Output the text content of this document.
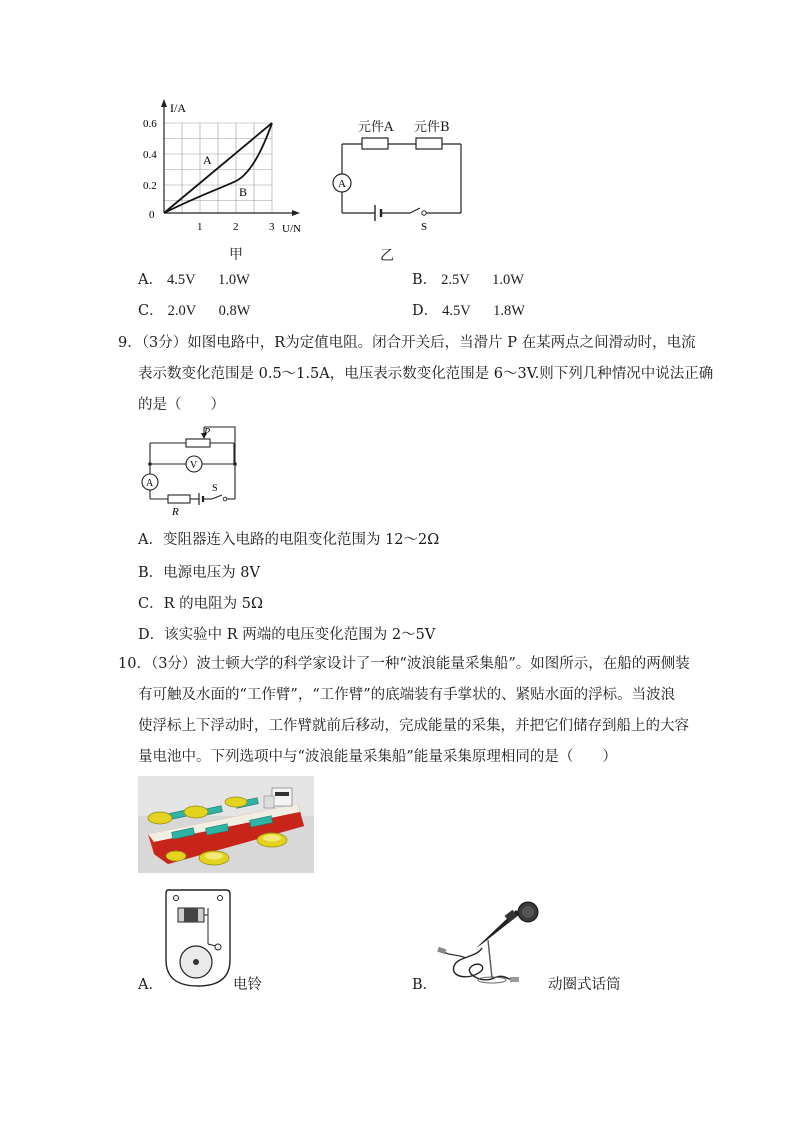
I/A
U/N
0.6
0.4
0.2
0
1	2	3
A
B
甲
A
S
元件A 元件B
乙
A． 4.5V 1.0W	B． 2.5V 1.0W
C． 2.0V 0.8W	D． 4.5V 1.8W
9．（3分）如图电路中，R为定值电阻。闭合开关后，当滑片 P 在某两点之间滑动时，电流
表示数变化范围是 0.5～1.5A，电压表示数变化范围是 6～3V.则下列几种情况中说法正确
的是（　　）
P
V
A	S
R
A．变阻器连入电路的电阻变化范围为 12～2Ω
B．电源电压为 8V
C．R 的电阻为 5Ω
D．该实验中 R 两端的电压变化范围为 2～5V
10．（3分）波士顿大学的科学家设计了一种“波浪能量采集船”。如图所示，在船的两侧装
有可触及水面的“工作臂”，“工作臂”的底端装有手掌状的、紧贴水面的浮标。当波浪
使浮标上下浮动时，工作臂就前后移动，完成能量的采集，并把它们储存到船上的大容
量电池中。下列选项中与“波浪能量采集船”能量采集原理相同的是（　　）
A．	电铃	B．	动圈式话筒
